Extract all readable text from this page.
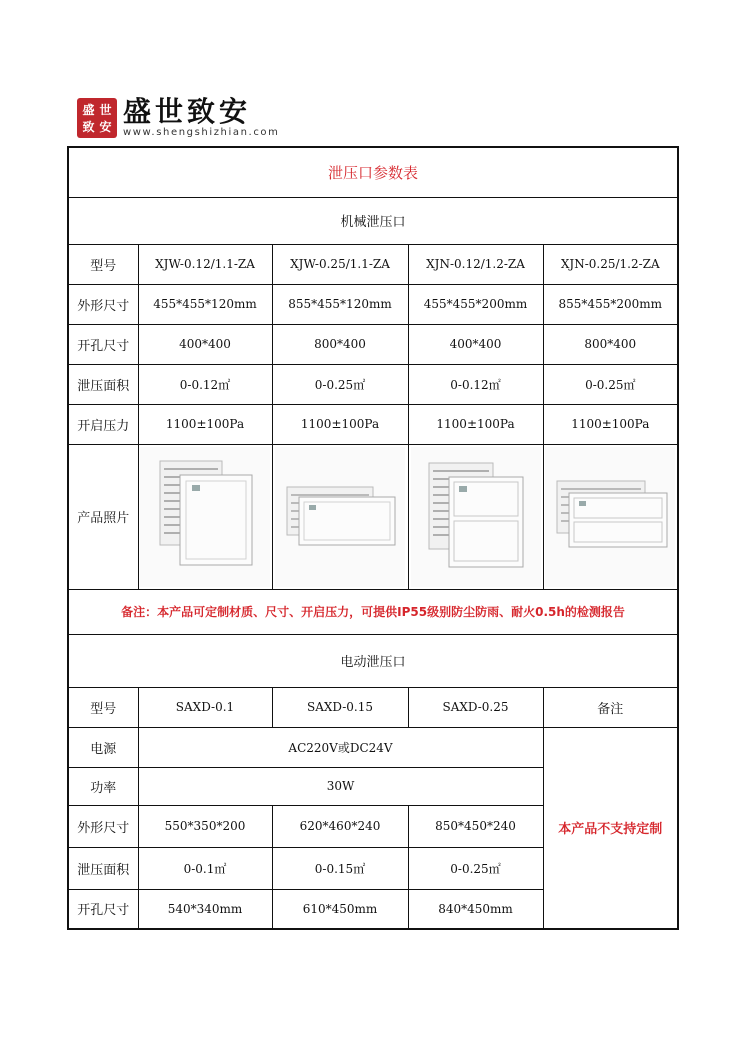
盛 世
致 安 盛世致安
www.shengshizhian.com
泄压口参数表				
机械泄压口				
型号	XJW-0.12/1.1-ZA	XJW-0.25/1.1-ZA	XJN-0.12/1.2-ZA	XJN-0.25/1.2-ZA
外形尺寸	455*455*120mm	855*455*120mm	455*455*200mm	855*455*200mm
开孔尺寸	400*400	800*400	400*400	800*400
泄压面积	0-0.12㎡	0-0.25㎡	0-0.12㎡	0-0.25㎡
开启压力	1100±100Pa	1100±100Pa	1100±100Pa	1100±100Pa
产品照片	

备注：本产品可定制材质、尺寸、开启压力，可提供IP55级别防尘防雨、耐火0.5h的检测报告				
电动泄压口				
型号	SAXD-0.1	SAXD-0.15	SAXD-0.25	备注
电源	AC220V或DC24V			本产品不支持定制
功率	30W			
外形尺寸	550*350*200	620*460*240	850*450*240	
泄压面积	0-0.1㎡	0-0.15㎡	0-0.25㎡	
开孔尺寸	540*340mm	610*450mm	840*450mm	
